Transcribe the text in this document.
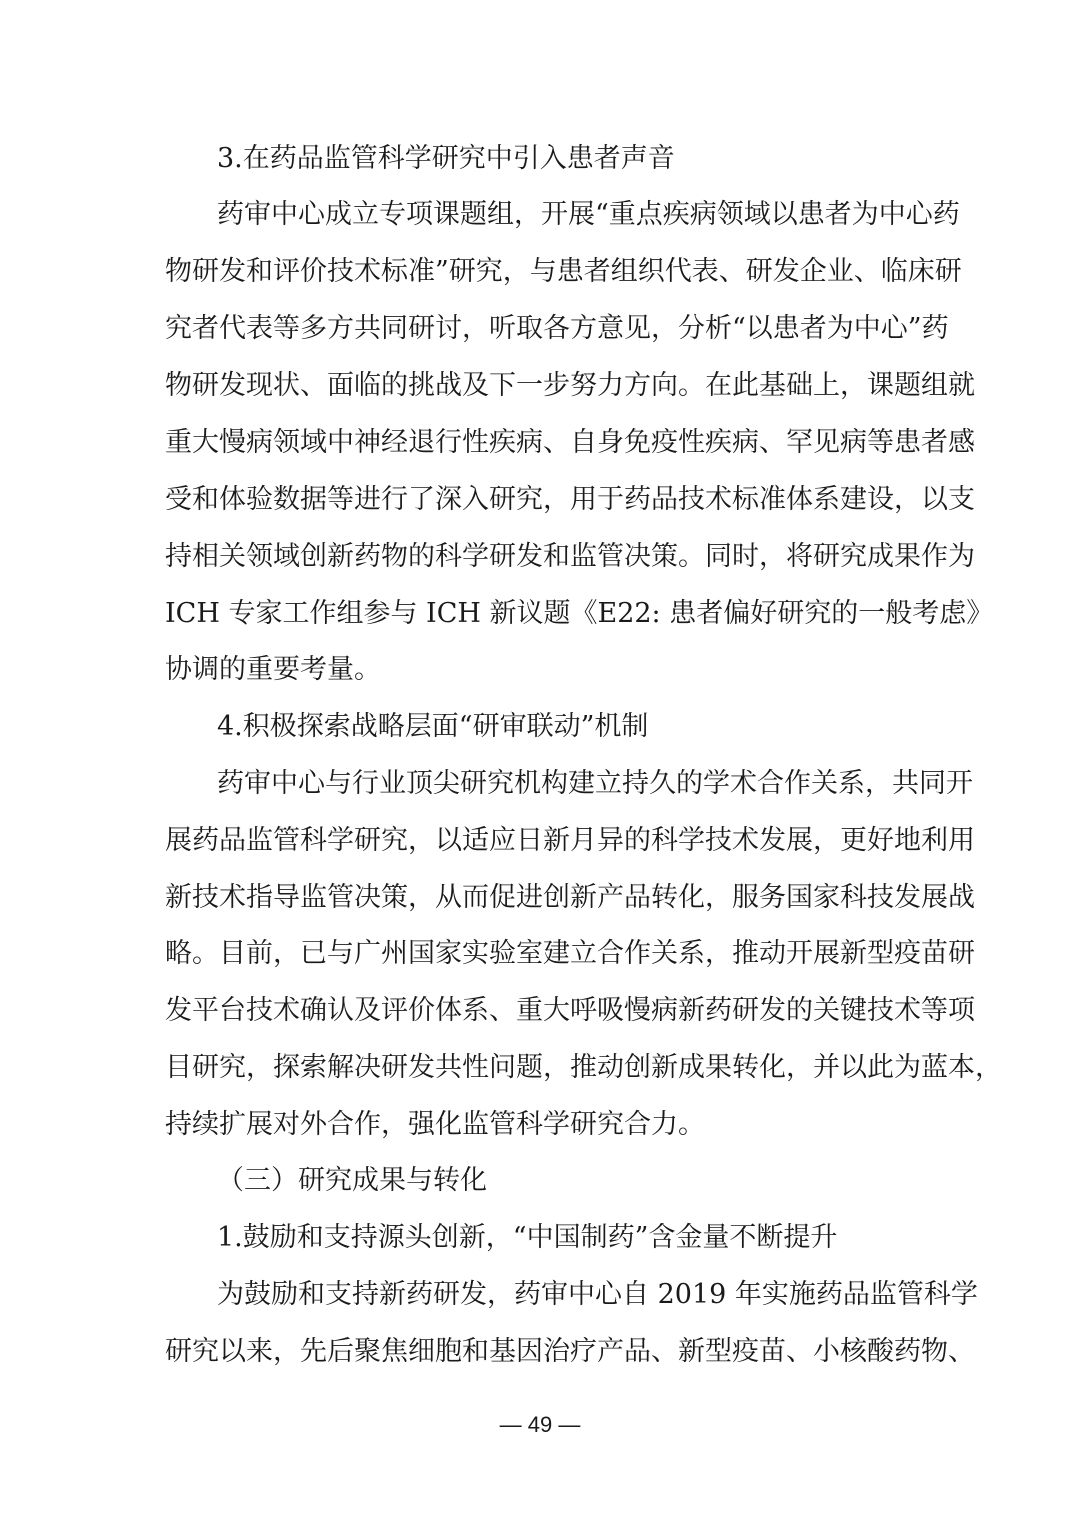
3.在药品监管科学研究中引入患者声音
药审中心成立专项课题组，开展“重点疾病领域以患者为中心药
物研发和评价技术标准”研究，与患者组织代表、研发企业、临床研
究者代表等多方共同研讨，听取各方意见，分析“以患者为中心”药
物研发现状、面临的挑战及下一步努力方向。在此基础上，课题组就
重大慢病领域中神经退行性疾病、自身免疫性疾病、罕见病等患者感
受和体验数据等进行了深入研究，用于药品技术标准体系建设，以支
持相关领域创新药物的科学研发和监管决策。同时，将研究成果作为
ICH 专家工作组参与 ICH 新议题《E22: 患者偏好研究的一般考虑》
协调的重要考量。
4.积极探索战略层面“研审联动”机制
药审中心与行业顶尖研究机构建立持久的学术合作关系，共同开
展药品监管科学研究，以适应日新月异的科学技术发展，更好地利用
新技术指导监管决策，从而促进创新产品转化，服务国家科技发展战
略。目前，已与广州国家实验室建立合作关系，推动开展新型疫苗研
发平台技术确认及评价体系、重大呼吸慢病新药研发的关键技术等项
目研究，探索解决研发共性问题，推动创新成果转化，并以此为蓝本，
持续扩展对外合作，强化监管科学研究合力。
（三）研究成果与转化
1.鼓励和支持源头创新，“中国制药”含金量不断提升
为鼓励和支持新药研发，药审中心自 2019 年实施药品监管科学
研究以来，先后聚焦细胞和基因治疗产品、新型疫苗、小核酸药物、
— 49 —
